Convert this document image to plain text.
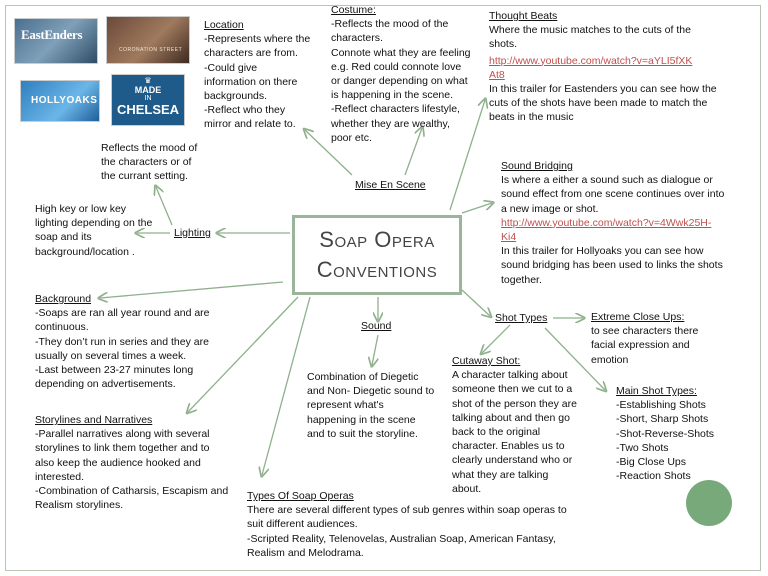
EastEnders
CORONATION STREET
HOLLYOAKS
♛
MADE
IN
CHELSEA
Soap Opera
Conventions
Location
-Represents where the
characters are from.
-Could give
information on there
backgrounds.
-Reflect who they
mirror and relate to.
Costume:
-Reflects the mood of the
characters.
Connote what they are feeling
e.g. Red could connote love
or danger depending on what
is happening in the scene.
-Reflect characters lifestyle,
whether they are wealthy,
poor etc.
Thought Beats
Where the music matches to the cuts of the
shots.
http://www.youtube.com/watch?v=aYLI5fXK
At8
In this trailer for Eastenders you can see how the
cuts of the shots have been made to match the
beats in the music
Reflects the mood of
the characters or of
the currant setting.
Mise En Scene
Sound Bridging
Is where a either a sound such as dialogue or
sound effect from one scene continues over into
a new image or shot.
http://www.youtube.com/watch?v=4Wwk25H-
Ki4
In this trailer for Hollyoaks you can see how
sound bridging has been used to links the shots
together.
Lighting
High key or low key
lighting depending on the
soap and its
background/location .
Background
-Soaps are ran all year round and are
continuous.
-They don’t run in series and they are
usually on several times a week.
-Last between 23-27 minutes long
depending on advertisements.
Sound
Combination of Diegetic
and Non- Diegetic sound to
represent what's
happening in the scene
and to suit the storyline.
Shot Types	Extreme Close Ups:
to see characters there
facial expression and
emotion
Cutaway Shot:
A character talking about
someone then we cut to a
shot of the person they are
talking about and then go
back to the original
character. Enables us to
clearly understand who or
what they are talking
about.
Main Shot Types:
-Establishing Shots
-Short, Sharp Shots
-Shot-Reverse-Shots
-Two Shots
-Big Close Ups
-Reaction Shots
Storylines and Narratives
-Parallel narratives along with several
storylines to link them together and to
also keep the audience hooked and
interested.
-Combination of Catharsis, Escapism and
Realism storylines.
Types Of Soap Operas
There are several different types of sub genres within soap operas to
suit different audiences.
-Scripted Reality, Telenovelas, Australian Soap, American Fantasy,
Realism and Melodrama.
